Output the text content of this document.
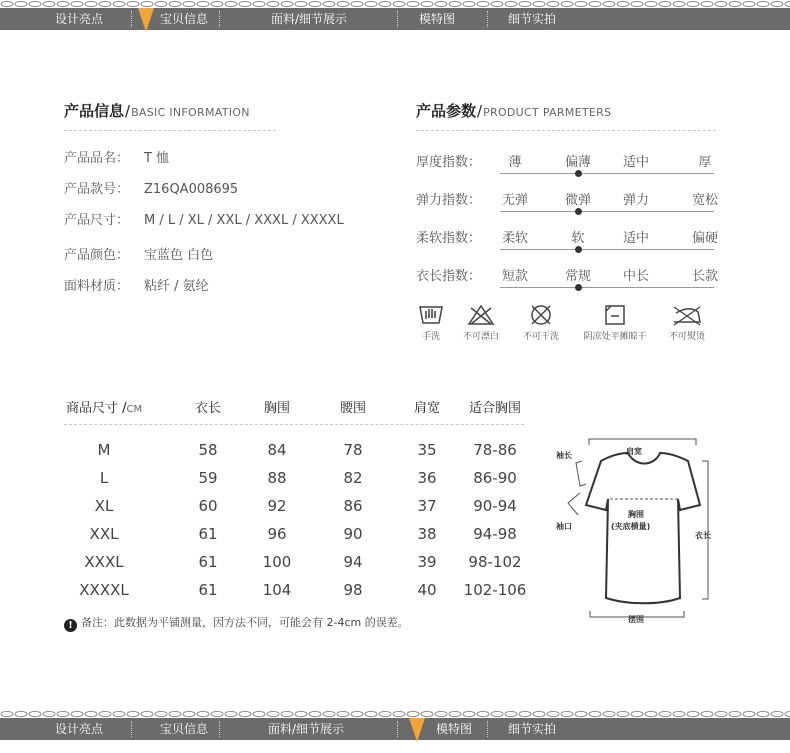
设计亮点	宝贝信息	面料/细节展示	模特图	细节实拍
产品信息/BASIC INFORMATION
产品品名： T 恤
产品款号： Z16QA008695
产品尺寸： M / L / XL / XXL / XXXL / XXXXL
产品颜色： 宝蓝色 白色
面料材质： 粘纤 / 氨纶
产品参数/PRODUCT PARMETERS
厚度指数： 薄	偏薄 适中	厚
弹力指数： 无弹	微弹 弹力	宽松
柔软指数： 柔软	软	适中	偏硬
衣长指数： 短款	常规 中长	长款
手洗	不可漂白	不可干洗	阴凉处平摊晾干	不可熨烫
商品尺寸 /CM	衣长	胸围	腰围	肩宽 适合胸围
M	58	84	78	35 78-86
L	59	88	82	36 86-90
XL	60	92	86	37 90-94
XXL	61	96	90	38 94-98
XXXL	61	100	94	39 98-102
XXXXL	61	104	98	40 102-106
! 备注：此数据为平铺测量，因方法不同，可能会有 2-4cm 的误差。
袖长	肩宽
胸围
(夹底横量)
袖口
衣长
摆围
设计亮点	宝贝信息	面料/细节展示	模特图	细节实拍
